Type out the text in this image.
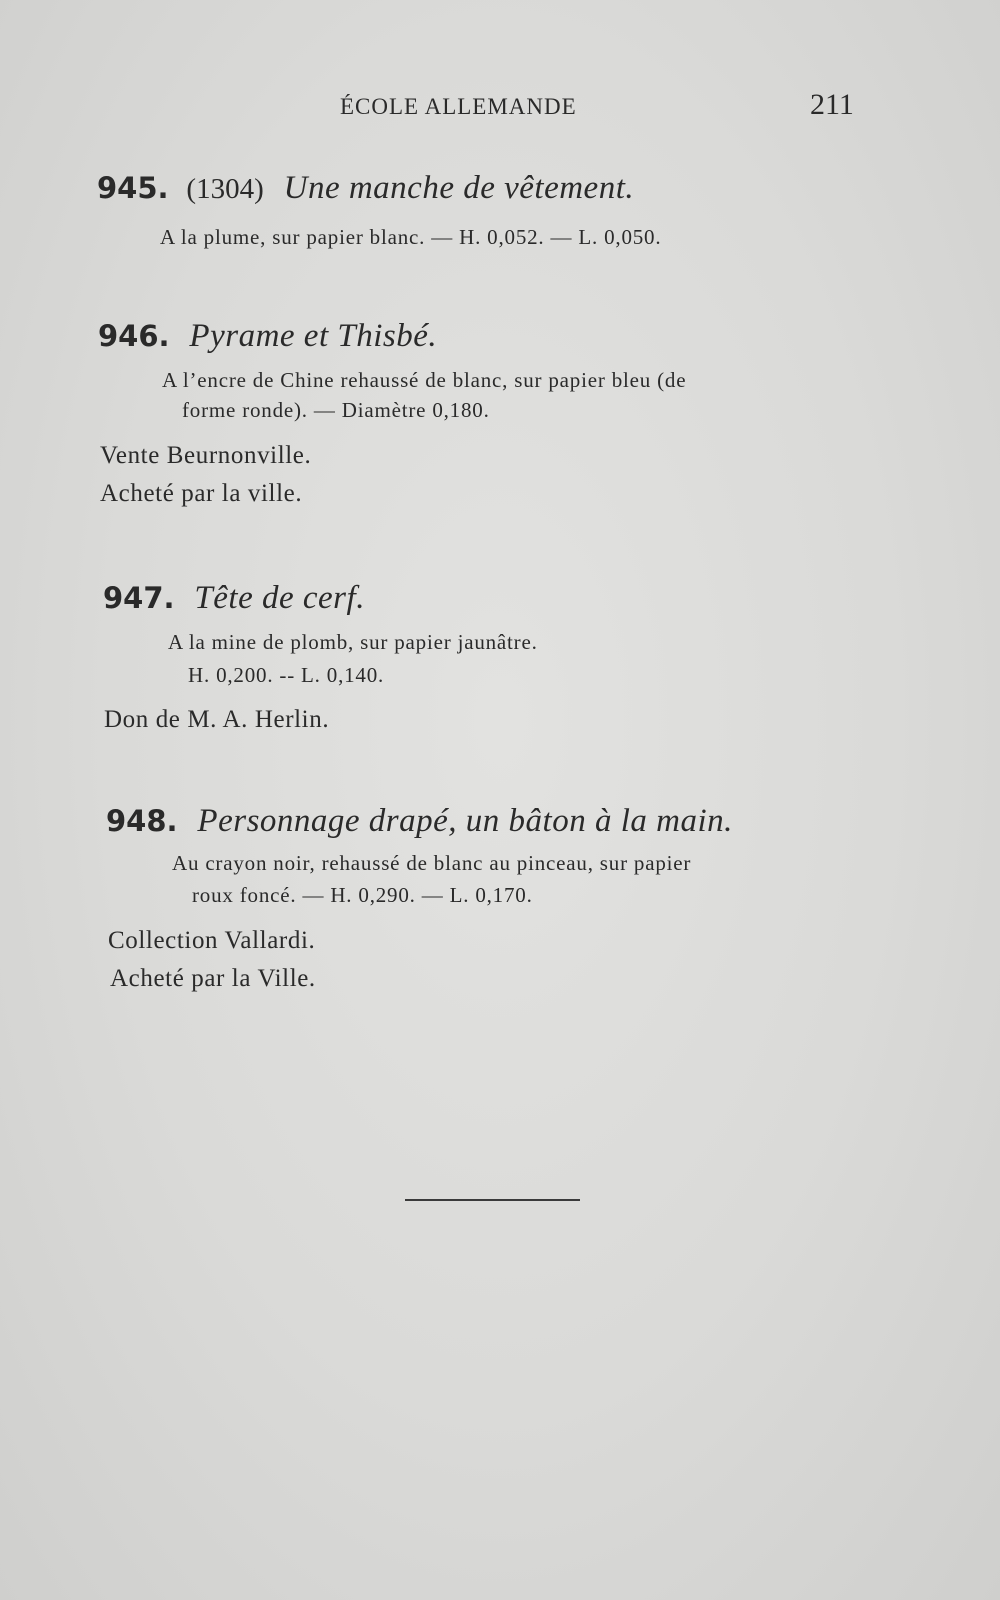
ÉCOLE ALLEMANDE	211
945. (1304) Une manche de vêtement.
A la plume, sur papier blanc. — H. 0,052. — L. 0,050.
946. Pyrame et Thisbé.
A l’encre de Chine rehaussé de blanc, sur papier bleu (de
forme ronde). — Diamètre 0,180.
Vente Beurnonville.
Acheté par la ville.
947. Tête de cerf.
A la mine de plomb, sur papier jaunâtre.
H. 0,200. -- L. 0,140.
Don de M. A. Herlin.
948. Personnage drapé, un bâton à la main.
Au crayon noir, rehaussé de blanc au pinceau, sur papier
roux foncé. — H. 0,290. — L. 0,170.
Collection Vallardi.
Acheté par la Ville.
